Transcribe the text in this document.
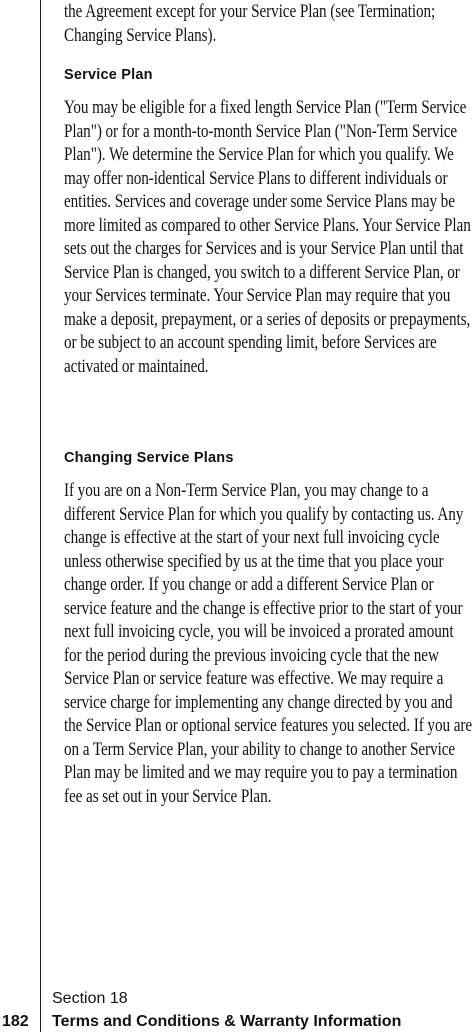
the Agreement except for your Service Plan (see Termination; Changing Service Plans).

Service Plan

You may be eligible for a fixed length Service Plan ("Term Service Plan") or for a month-to-month Service Plan ("Non-Term Service Plan"). We determine the Service Plan for which you qualify. We may offer non-identical Service Plans to different individuals or entities. Services and coverage under some Service Plans may be more limited as compared to other Service Plans. Your Service Plan sets out the charges for Services and is your Service Plan until that Service Plan is changed, you switch to a different Service Plan, or your Services terminate. Your Service Plan may require that you make a deposit, prepayment, or a series of deposits or prepayments, or be subject to an account spending limit, before Services are activated or maintained.

Changing Service Plans

If you are on a Non-Term Service Plan, you may change to a different Service Plan for which you qualify by contacting us. Any change is effective at the start of your next full invoicing cycle unless otherwise specified by us at the time that you place your change order. If you change or add a different Service Plan or service feature and the change is effective prior to the start of your next full invoicing cycle, you will be invoiced a prorated amount for the period during the previous invoicing cycle that the new Service Plan or service feature was effective. We may require a service charge for implementing any change directed by you and the Service Plan or optional service features you selected. If you are on a Term Service Plan, your ability to change to another Service Plan may be limited and we may require you to pay a termination fee as set out in your Service Plan.

Section 18
182 Terms and Conditions & Warranty Information
